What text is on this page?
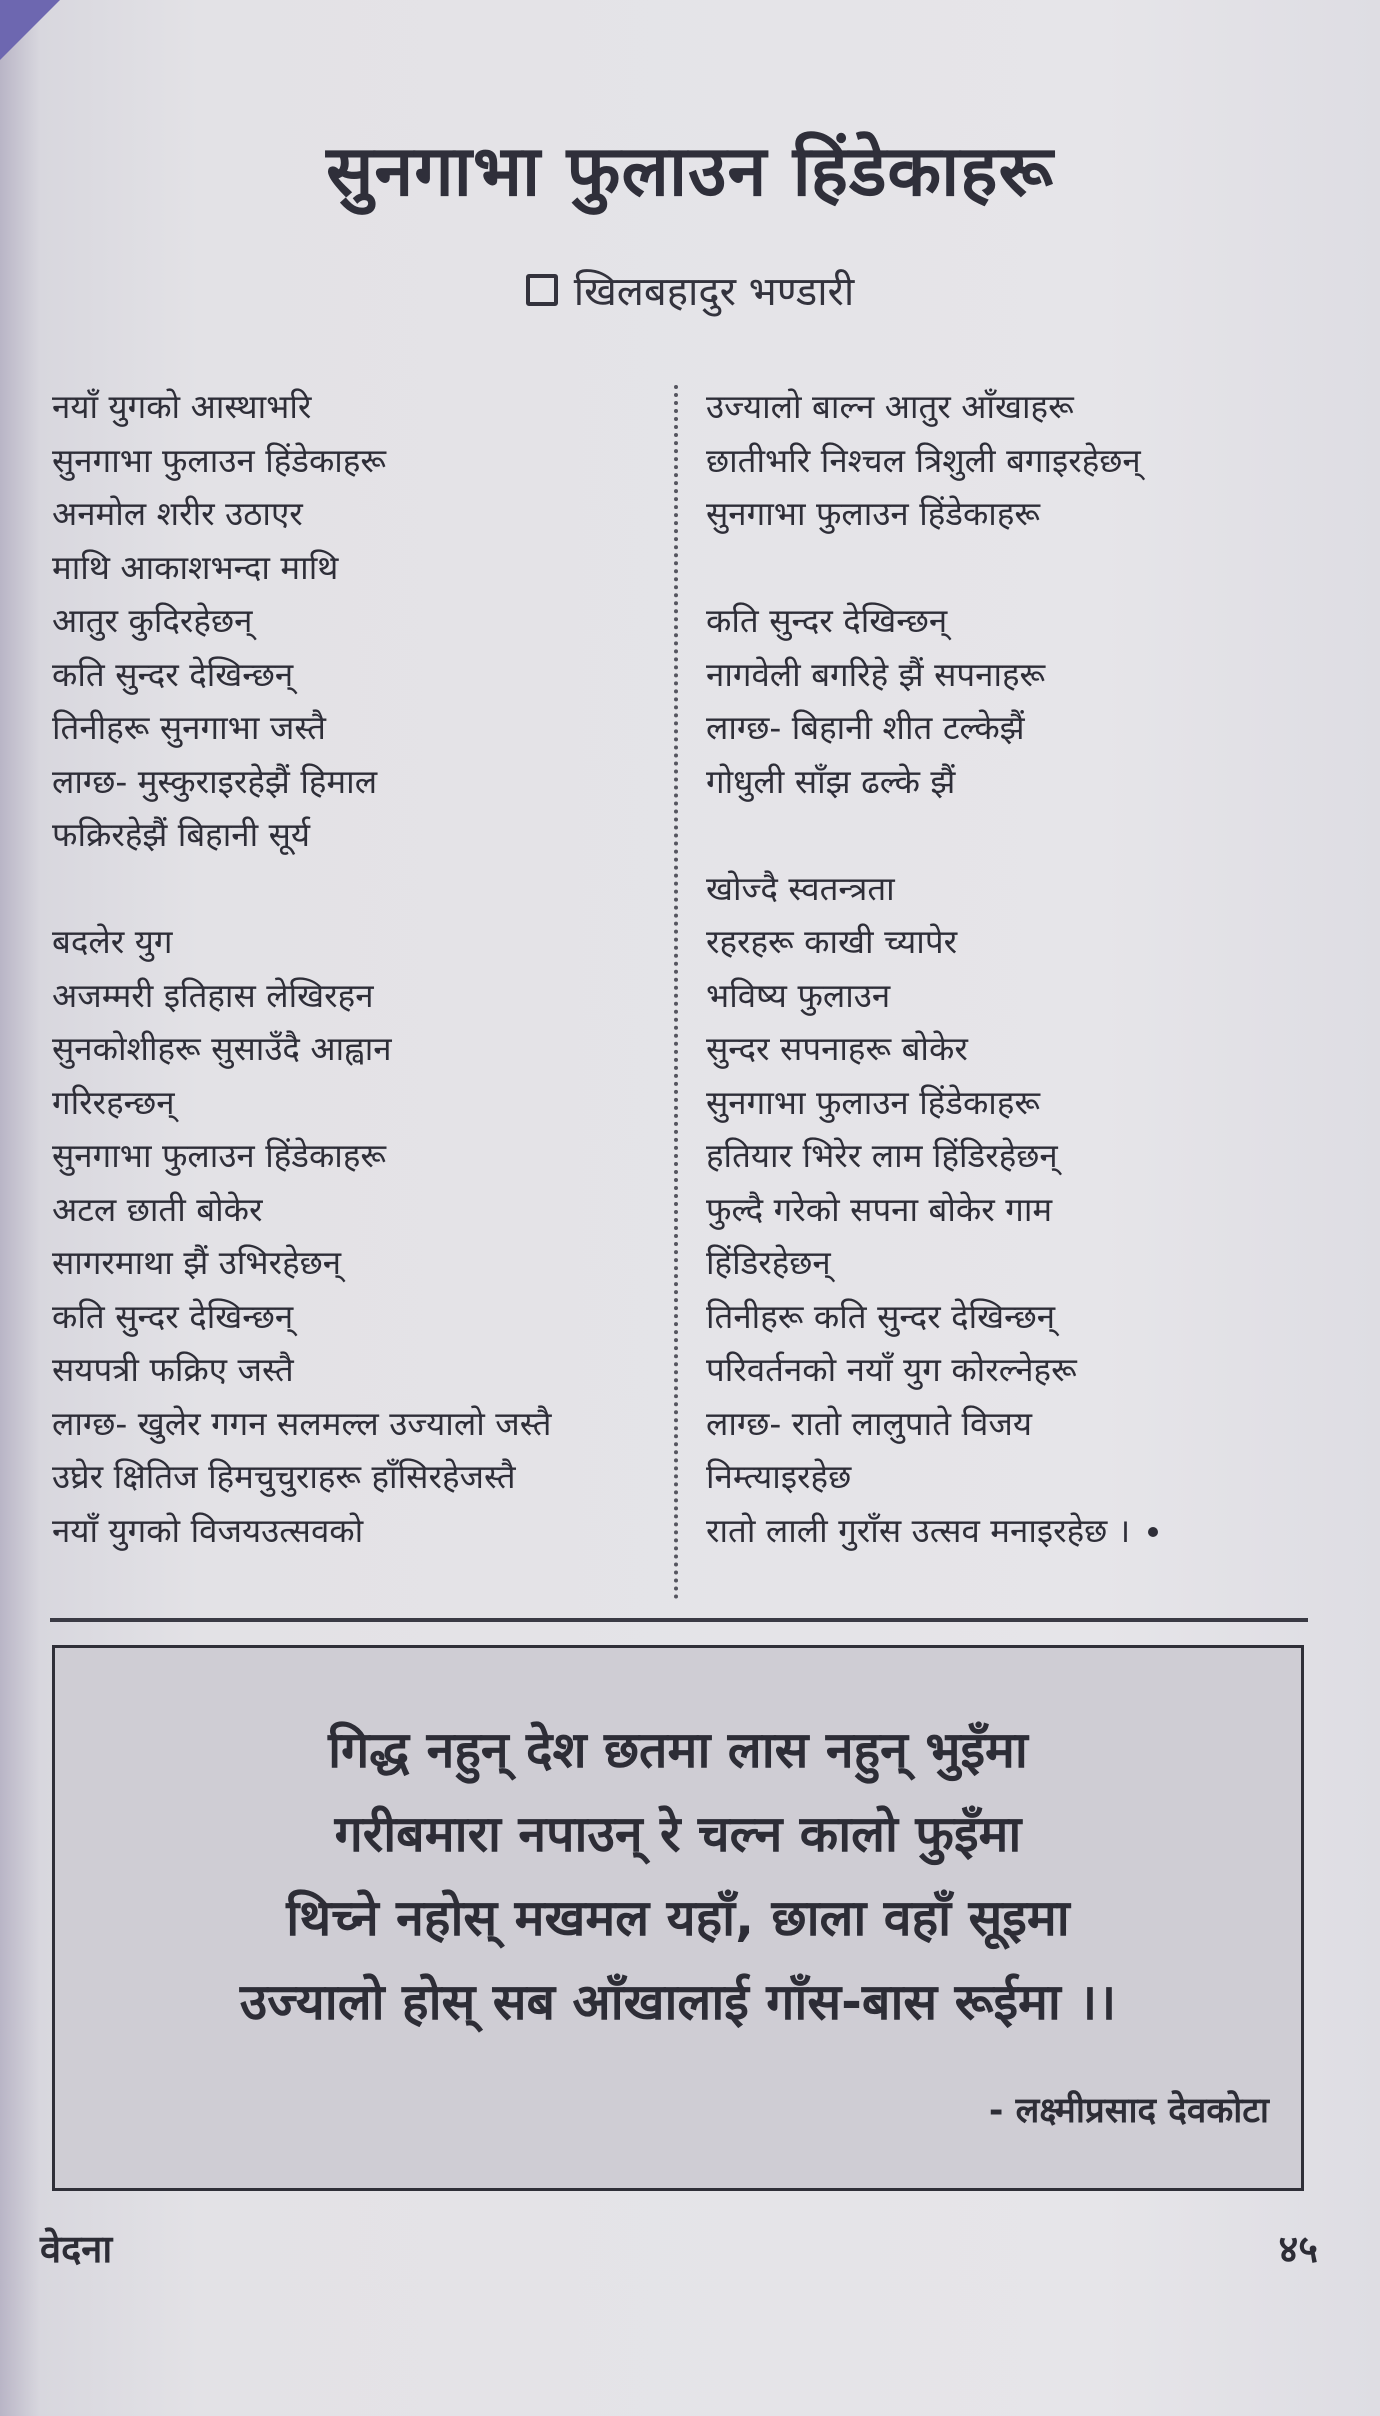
सुनगाभा फुलाउन हिंडेकाहरू
खिलबहादुर भण्डारी
नयाँ युगको आस्थाभरि
सुनगाभा फुलाउन हिंडेकाहरू
अनमोल शरीर उठाएर
माथि आकाशभन्दा माथि
आतुर कुदिरहेछन्
कति सुन्दर देखिन्छन्
तिनीहरू सुनगाभा जस्तै
लाग्छ- मुस्कुराइरहेझैं हिमाल
फक्रिरहेझैं बिहानी सूर्य
बदलेर युग
अजम्मरी इतिहास लेखिरहन
सुनकोशीहरू सुसाउँदै आह्वान
गरिरहन्छन्
सुनगाभा फुलाउन हिंडेकाहरू
अटल छाती बोकेर
सागरमाथा झैं उभिरहेछन्
कति सुन्दर देखिन्छन्
सयपत्री फक्रिए जस्तै
लाग्छ- खुलेर गगन सलमल्ल उज्यालो जस्तै
उघ्रेर क्षितिज हिमचुचुराहरू हाँसिरहेजस्तै
नयाँ युगको विजयउत्सवको
उज्यालो बाल्न आतुर आँखाहरू
छातीभरि निश्चल त्रिशुली बगाइरहेछन्
सुनगाभा फुलाउन हिंडेकाहरू
कति सुन्दर देखिन्छन्
नागवेली बगरिहे झैं सपनाहरू
लाग्छ- बिहानी शीत टल्केझैं
गोधुली साँझ ढल्के झैं
खोज्दै स्वतन्त्रता
रहरहरू काखी च्यापेर
भविष्य फुलाउन
सुन्दर सपनाहरू बोकेर
सुनगाभा फुलाउन हिंडेकाहरू
हतियार भिरेर लाम हिंडिरहेछन्
फुल्दै गरेको सपना बोकेर गाम
हिंडिरहेछन्
तिनीहरू कति सुन्दर देखिन्छन्
परिवर्तनको नयाँ युग कोरल्नेहरू
लाग्छ- रातो लालुपाते विजय
निम्त्याइरहेछ
रातो लाली गुराँस उत्सव मनाइरहेछ ।
गिद्ध नहुन् देश छतमा लास नहुन् भुइँमा
गरीबमारा नपाउन् रे चल्न कालो फुइँमा
थिच्ने नहोस् मखमल यहाँ, छाला वहाँ सूइमा
उज्यालो होस् सब आँखालाई गाँस-बास रूईमा ।।
- लक्ष्मीप्रसाद देवकोटा
वेदना	४५
